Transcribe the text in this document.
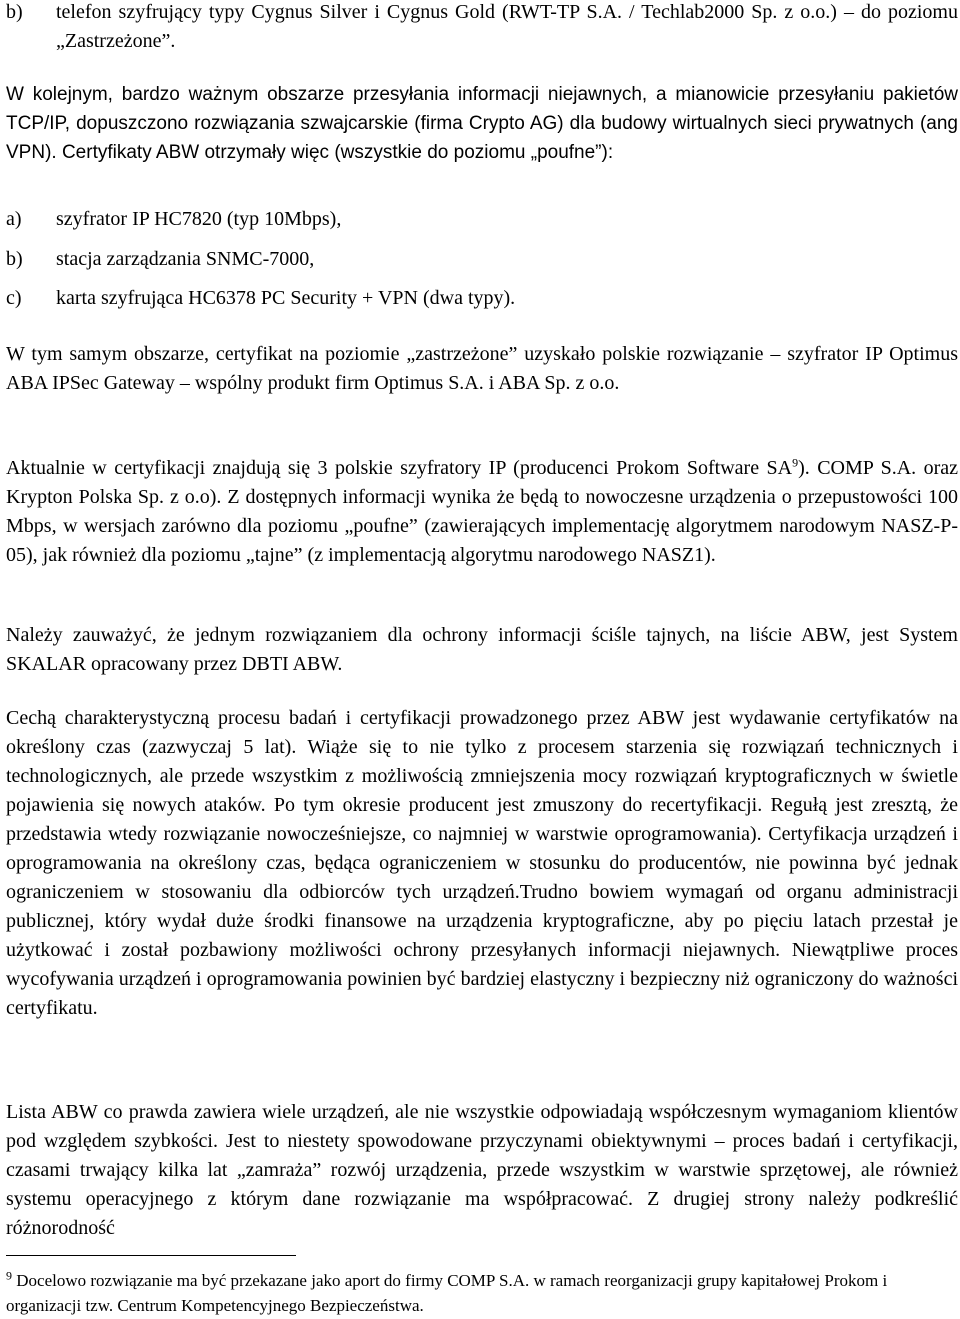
b)	telefon szyfrujący typy Cygnus Silver i Cygnus Gold (RWT-TP S.A. / Techlab2000 Sp. z o.o.) – do poziomu „Zastrzeżone”.

W kolejnym, bardzo ważnym obszarze przesyłania informacji niejawnych, a mianowicie przesyłaniu pakietów TCP/IP, dopuszczono rozwiązania szwajcarskie (firma Crypto AG) dla budowy wirtualnych sieci prywatnych (ang VPN). Certyfikaty ABW otrzymały więc (wszystkie do poziomu „poufne”):

a)	szyfrator IP HC7820 (typ 10Mbps),
b)	stacja zarządzania SNMC-7000,
c)	karta szyfrująca HC6378 PC Security + VPN (dwa typy).

W tym samym obszarze, certyfikat na poziomie „zastrzeżone” uzyskało polskie rozwiązanie – szyfrator IP Optimus ABA IPSec Gateway – wspólny produkt firm Optimus S.A. i ABA Sp. z o.o.

Aktualnie w certyfikacji znajdują się 3 polskie szyfratory IP (producenci Prokom Software $SA^9$). COMP S.A. oraz Krypton Polska Sp. z o.o). Z dostępnych informacji wynika że będą to nowoczesne urządzenia o przepustowości 100 Mbps, w wersjach zarówno dla poziomu „poufne” (zawierających implementację algorytmem narodowym NASZ-P-05), jak również dla poziomu „tajne” (z implementacją algorytmu narodowego NASZ1).

Należy zauważyć, że jednym rozwiązaniem dla ochrony informacji ściśle tajnych, na liście ABW, jest System SKALAR opracowany przez DBTI ABW.

Cechą charakterystyczną procesu badań i certyfikacji prowadzonego przez ABW jest wydawanie certyfikatów na określony czas (zazwyczaj 5 lat). Wiąże się to nie tylko z procesem starzenia się rozwiązań technicznych i technologicznych, ale przede wszystkim z możliwością zmniejszenia mocy rozwiązań kryptograficznych w świetle pojawienia się nowych ataków. Po tym okresie producent jest zmuszony do recertyfikacji. Regułą jest zresztą, że przedstawia wtedy rozwiązanie nowocześniejsze, co najmniej w warstwie oprogramowania). Certyfikacja urządzeń i oprogramowania na określony czas, będąca ograniczeniem w stosunku do producentów, nie powinna być jednak ograniczeniem w stosowaniu dla odbiorców tych urządzeń.Trudno bowiem wymagań od organu administracji publicznej, który wydał duże środki finansowe na urządzenia kryptograficzne, aby po pięciu latach przestał je użytkować i został pozbawiony możliwości ochrony przesyłanych informacji niejawnych. Niewątpliwe proces wycofywania urządzeń i oprogramowania powinien być bardziej elastyczny i bezpieczny niż ograniczony do ważności certyfikatu.

Lista ABW co prawda zawiera wiele urządzeń, ale nie wszystkie odpowiadają współczesnym wymaganiom klientów pod względem szybkości. Jest to niestety spowodowane przyczynami obiektywnymi – proces badań i certyfikacji, czasami trwający kilka lat „zamraża” rozwój urządzenia, przede wszystkim w warstwie sprzętowej, ale również systemu operacyjnego z którym dane rozwiązanie ma współpracować. Z drugiej strony należy podkreślić różnorodność

$^9$ Docelowo rozwiązanie ma być przekazane jako aport do firmy COMP S.A. w ramach reorganizacji grupy kapitałowej Prokom i organizacji tzw. Centrum Kompetencyjnego Bezpieczeństwa.
